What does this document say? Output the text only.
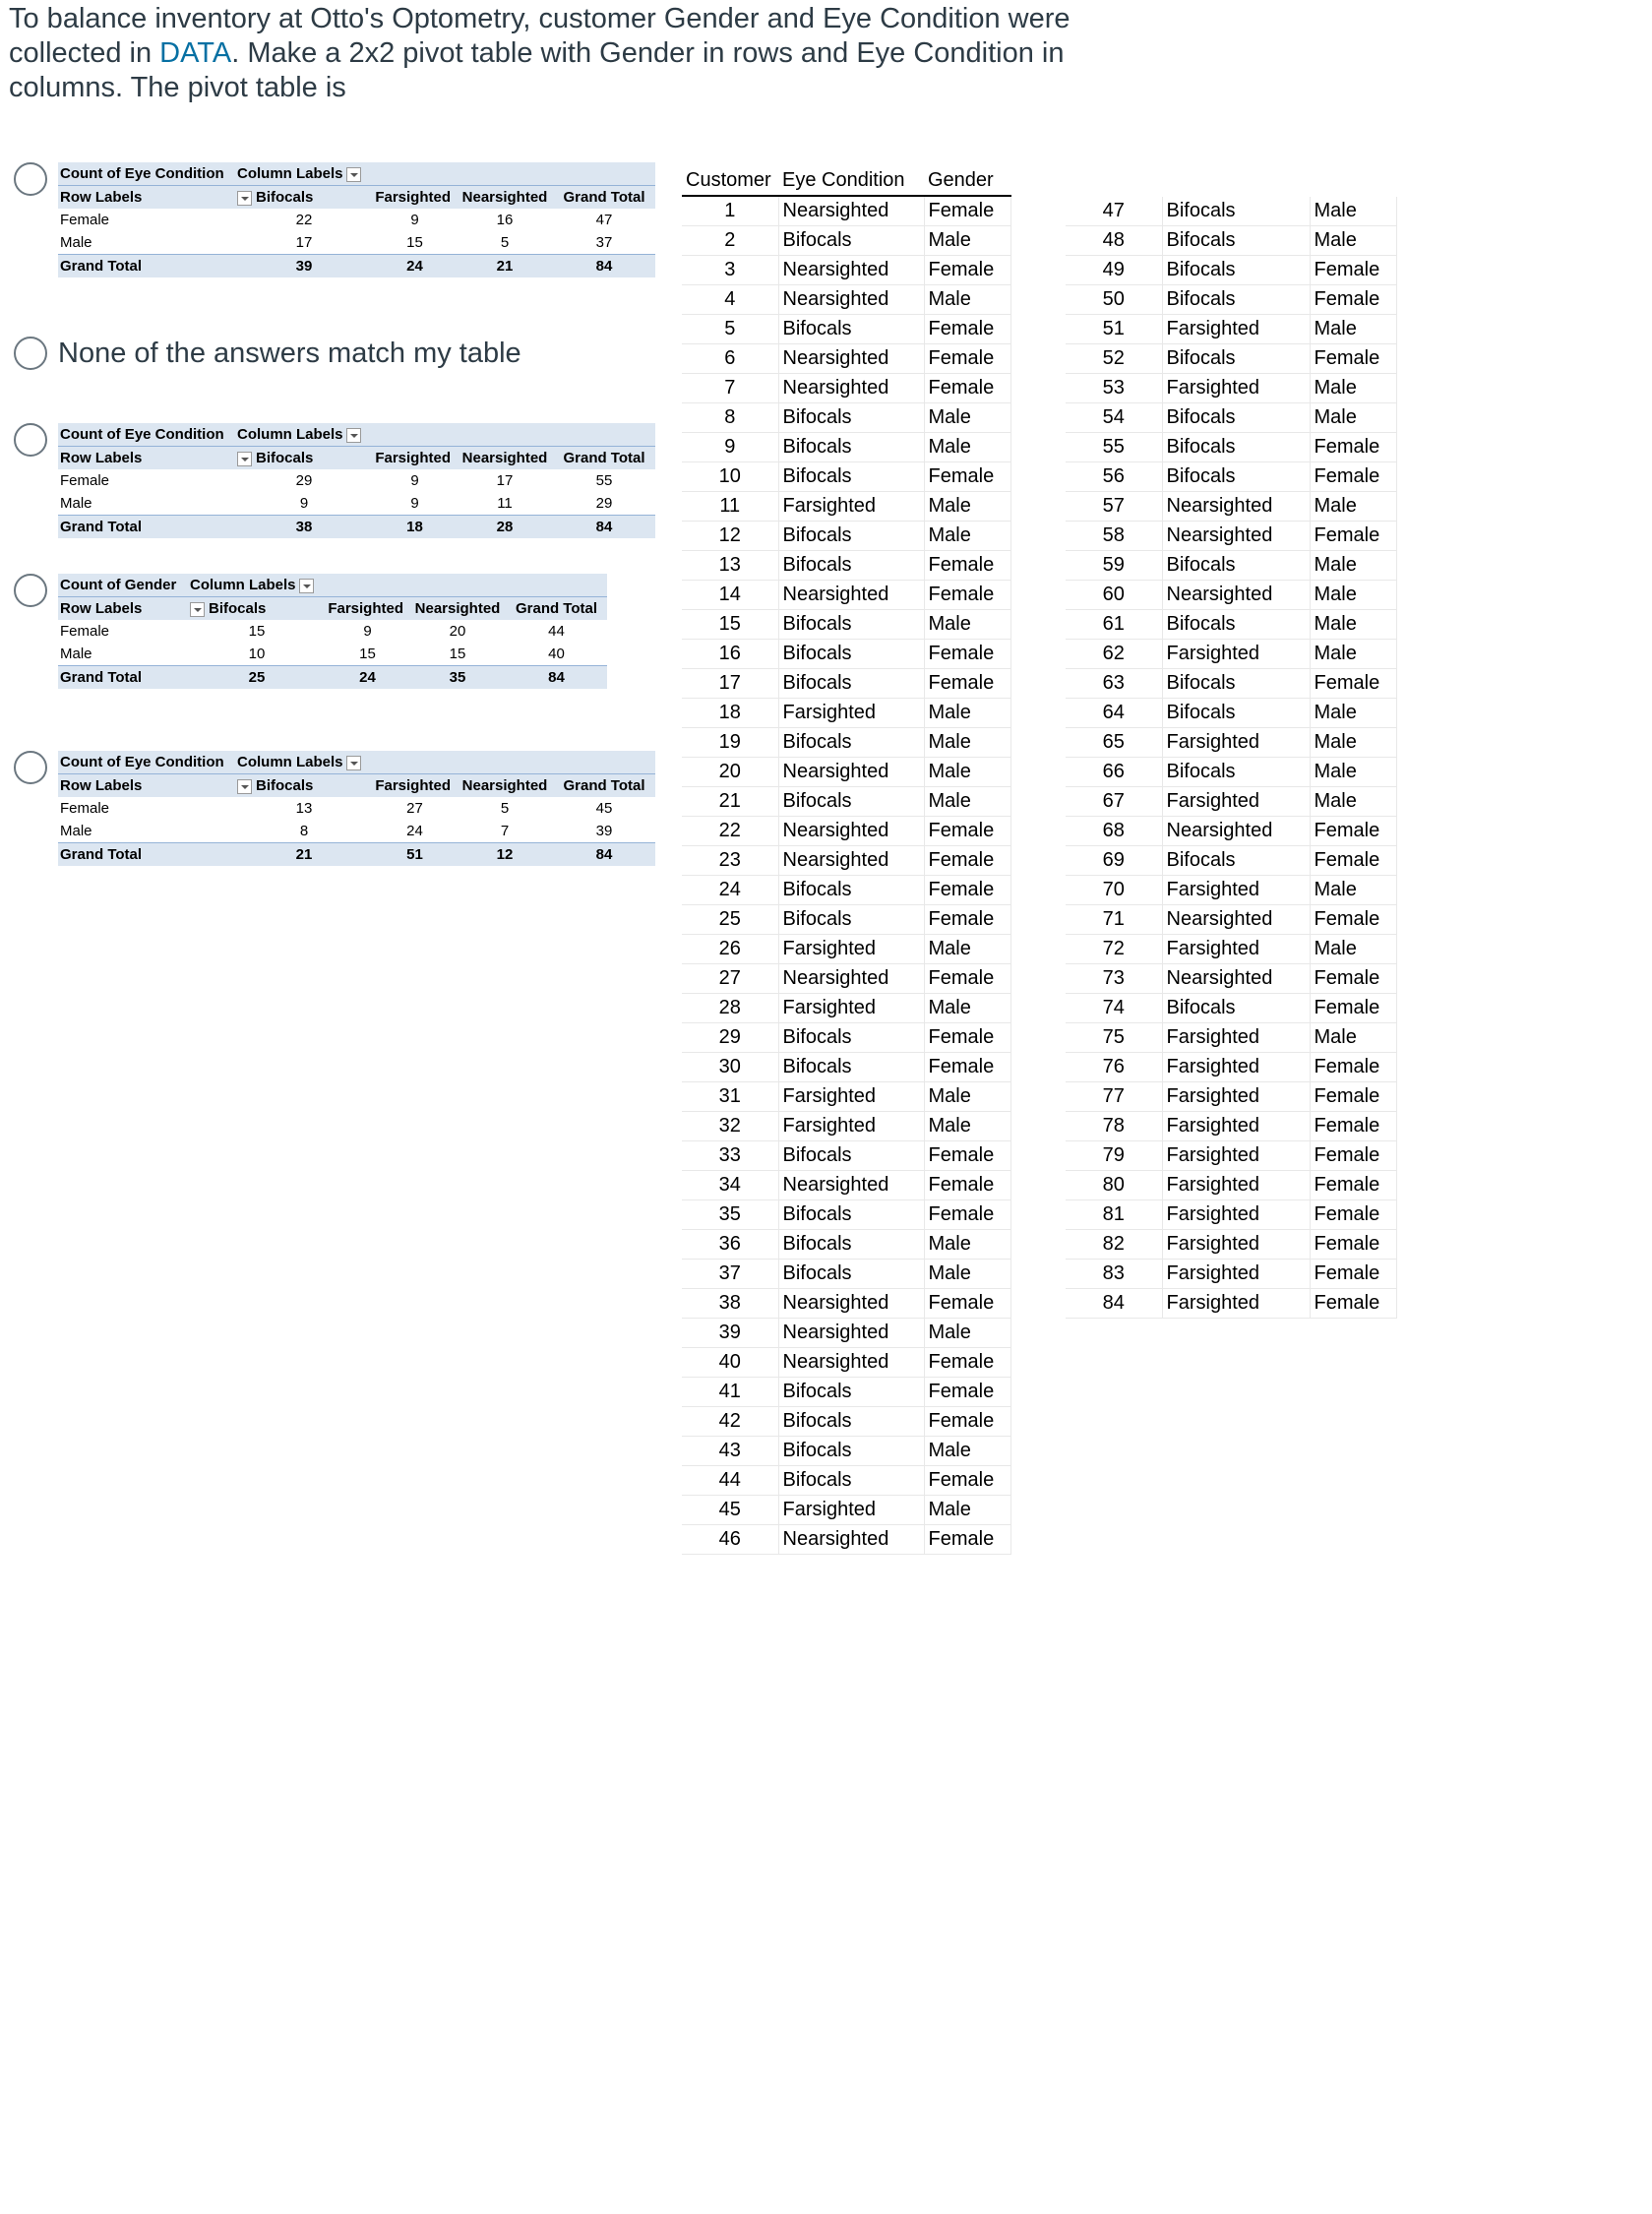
To balance inventory at Otto's Optometry, customer Gender and Eye Condition were collected in DATA. Make a 2x2 pivot table with Gender in rows and Eye Condition in columns. The pivot table is

Count of Eye Condition	Column Labels			
Row Labels	Bifocals	Farsighted	Nearsighted	Grand Total
Female	22	9	16	47
Male	17	15	5	37
Grand Total	39	24	21	84
None of the answers match my table
Count of Eye Condition	Column Labels			
Row Labels	Bifocals	Farsighted	Nearsighted	Grand Total
Female	29	9	17	55
Male	9	9	11	29
Grand Total	38	18	28	84
Count of Gender	Column Labels			
Row Labels	Bifocals	Farsighted	Nearsighted	Grand Total
Female	15	9	20	44
Male	10	15	15	40
Grand Total	25	24	35	84
Count of Eye Condition	Column Labels			
Row Labels	Bifocals	Farsighted	Nearsighted	Grand Total
Female	13	27	5	45
Male	8	24	7	39
Grand Total	21	51	12	84
Customer	Eye Condition	Gender
1	Nearsighted	Female
2	Bifocals	Male
3	Nearsighted	Female
4	Nearsighted	Male
5	Bifocals	Female
6	Nearsighted	Female
7	Nearsighted	Female
8	Bifocals	Male
9	Bifocals	Male
10	Bifocals	Female
11	Farsighted	Male
12	Bifocals	Male
13	Bifocals	Female
14	Nearsighted	Female
15	Bifocals	Male
16	Bifocals	Female
17	Bifocals	Female
18	Farsighted	Male
19	Bifocals	Male
20	Nearsighted	Male
21	Bifocals	Male
22	Nearsighted	Female
23	Nearsighted	Female
24	Bifocals	Female
25	Bifocals	Female
26	Farsighted	Male
27	Nearsighted	Female
28	Farsighted	Male
29	Bifocals	Female
30	Bifocals	Female
31	Farsighted	Male
32	Farsighted	Male
33	Bifocals	Female
34	Nearsighted	Female
35	Bifocals	Female
36	Bifocals	Male
37	Bifocals	Male
38	Nearsighted	Female
39	Nearsighted	Male
40	Nearsighted	Female
41	Bifocals	Female
42	Bifocals	Female
43	Bifocals	Male
44	Bifocals	Female
45	Farsighted	Male
46	Nearsighted	Female
47	Bifocals	Male
48	Bifocals	Male
49	Bifocals	Female
50	Bifocals	Female
51	Farsighted	Male
52	Bifocals	Female
53	Farsighted	Male
54	Bifocals	Male
55	Bifocals	Female
56	Bifocals	Female
57	Nearsighted	Male
58	Nearsighted	Female
59	Bifocals	Male
60	Nearsighted	Male
61	Bifocals	Male
62	Farsighted	Male
63	Bifocals	Female
64	Bifocals	Male
65	Farsighted	Male
66	Bifocals	Male
67	Farsighted	Male
68	Nearsighted	Female
69	Bifocals	Female
70	Farsighted	Male
71	Nearsighted	Female
72	Farsighted	Male
73	Nearsighted	Female
74	Bifocals	Female
75	Farsighted	Male
76	Farsighted	Female
77	Farsighted	Female
78	Farsighted	Female
79	Farsighted	Female
80	Farsighted	Female
81	Farsighted	Female
82	Farsighted	Female
83	Farsighted	Female
84	Farsighted	Female
